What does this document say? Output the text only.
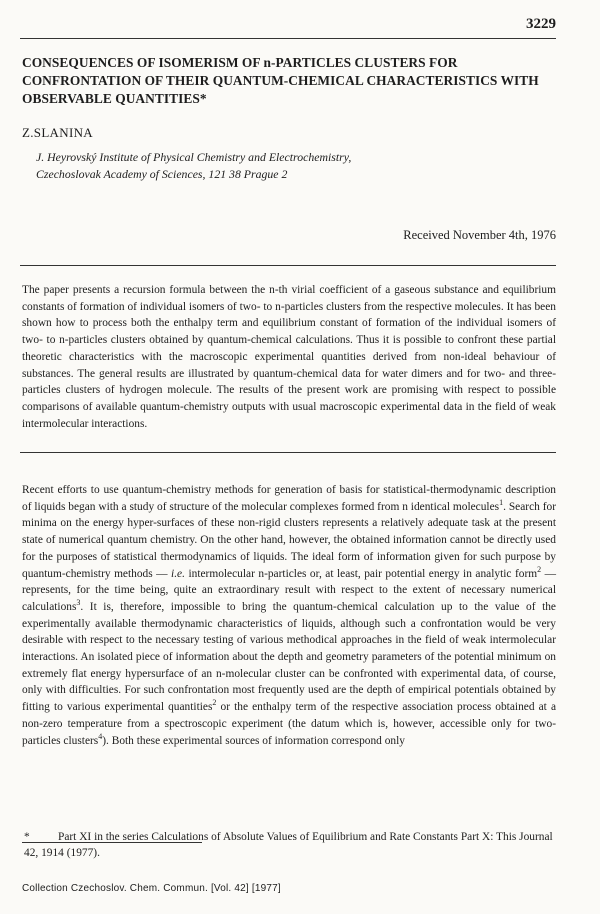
3229
CONSEQUENCES OF ISOMERISM OF n-PARTICLES CLUSTERS FOR CONFRONTATION OF THEIR QUANTUM-CHEMICAL CHARACTERISTICS WITH OBSERVABLE QUANTITIES*
Z.SLANINA
J. Heyrovský Institute of Physical Chemistry and Electrochemistry,
Czechoslovak Academy of Sciences, 121 38 Prague 2
Received November 4th, 1976

The paper presents a recursion formula between the n-th virial coefficient of a gaseous substance and equilibrium constants of formation of individual isomers of two- to n-particles clusters from the respective molecules. It has been shown how to process both the enthalpy term and equilibrium constant of formation of the individual isomers of two- to n-particles clusters obtained by quantum-chemical calculations. Thus it is possible to confront these partial theoretic characteristics with the macroscopic experimental quantities derived from non-ideal behaviour of substances. The general results are illustrated by quantum-chemical data for water dimers and for two- and three-particles clusters of hydrogen molecule. The results of the present work are promising with respect to possible comparisons of available quantum-chemistry outputs with usual macroscopic experimental data in the field of weak intermolecular interactions.

Recent efforts to use quantum-chemistry methods for generation of basis for statistical-thermodynamic description of liquids began with a study of structure of the molecular complexes formed from n identical molecules$^1$. Search for minima on the energy hyper-surfaces of these non-rigid clusters represents a relatively adequate task at the present state of numerical quantum chemistry. On the other hand, however, the obtained information cannot be directly used for the purposes of statistical thermodynamics of liquids. The ideal form of information given for such purpose by quantum-chemistry methods — i.e. intermolecular n-particles or, at least, pair potential energy in analytic form$^2$ — represents, for the time being, quite an extraordinary result with respect to the extent of necessary numerical calculations$^3$. It is, therefore, impossible to bring the quantum-chemical calculation up to the value of the experimentally available thermodynamic characteristics of liquids, although such a confrontation would be very desirable with respect to the necessary testing of various methodical approaches in the field of weak intermolecular interactions. An isolated piece of information about the depth and geometry parameters of the potential minimum on extremely flat energy hypersurface of an n-molecular cluster can be confronted with experimental data, of course, only with difficulties. For such confrontation most frequently used are the depth of empirical potentials obtained by fitting to various experimental quantities$^2$ or the enthalpy term of the respective association process obtained at a non-zero temperature from a spectroscopic experiment (the datum which is, however, accessible only for two-particles clusters$^4$). Both these experimental sources of information correspond only

* Part XI in the series Calculations of Absolute Values of Equilibrium and Rate Constants Part X: This Journal 42, 1914 (1977).

Collection Czechoslov. Chem. Commun. [Vol. 42] [1977]
